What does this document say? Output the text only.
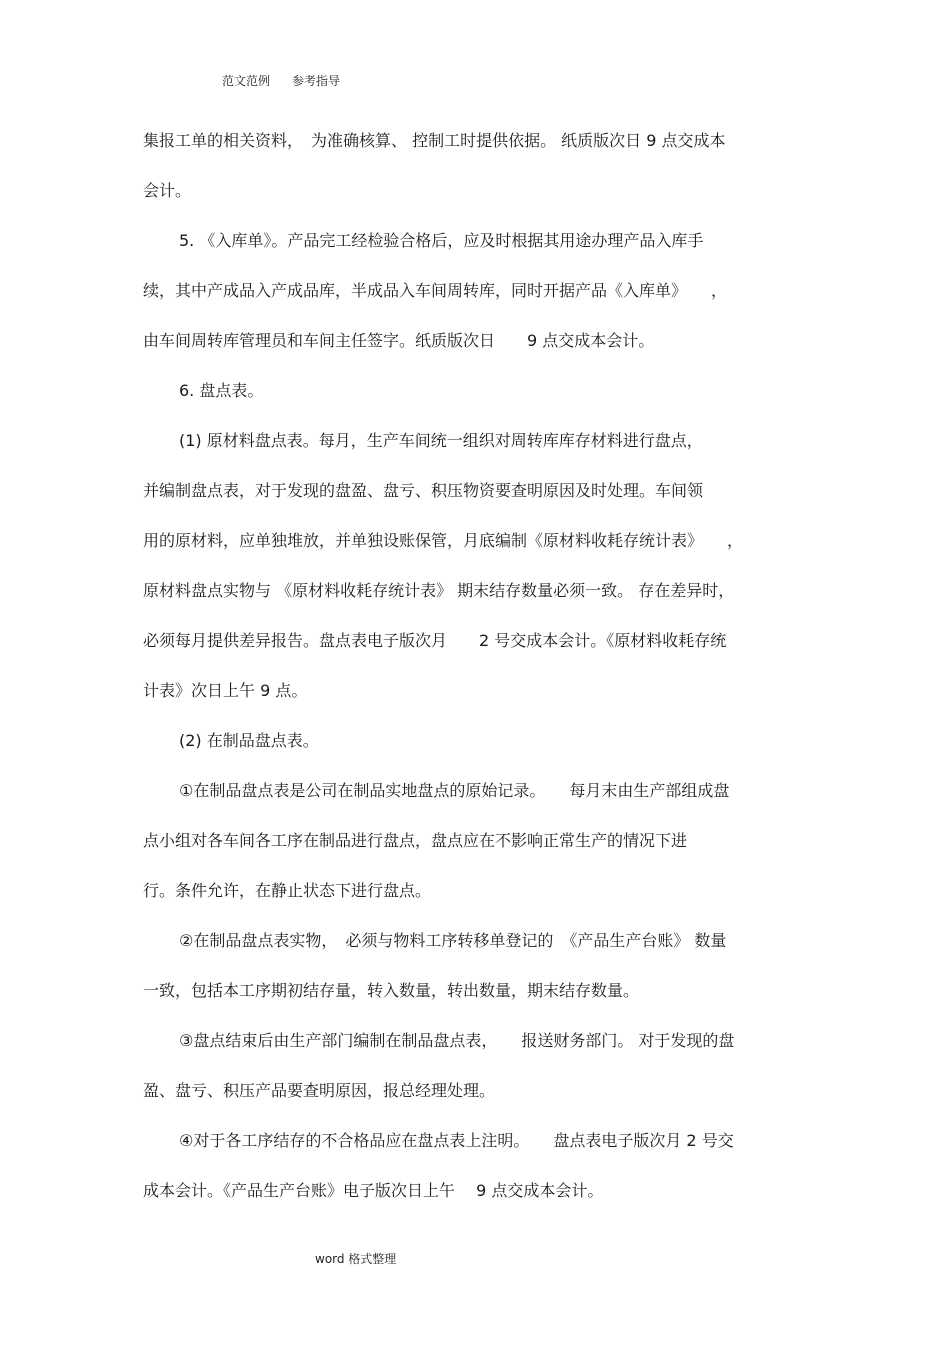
范文范例 参考指导
集报工单的相关资料，　为准确核算、 控制工时提供依据。 纸质版次日 9 点交成本
会计。
5. 《入库单》。产品完工经检验合格后，应及时根据其用途办理产品入库手
续，其中产成品入产成品库，半成品入车间周转库，同时开据产品《入库单》　　，
由车间周转库管理员和车间主任签字。纸质版次日　　9 点交成本会计。
6. 盘点表。
(1) 原材料盘点表。每月，生产车间统一组织对周转库库存材料进行盘点，
并编制盘点表，对于发现的盘盈、盘亏、积压物资要查明原因及时处理。车间领
用的原材料，应单独堆放，并单独设账保管，月底编制《原材料收耗存统计表》　　，
原材料盘点实物与 《原材料收耗存统计表》 期末结存数量必须一致。 存在差异时，
必须每月提供差异报告。盘点表电子版次月　　2 号交成本会计。《原材料收耗存统
计表》次日上午 9 点。
(2) 在制品盘点表。
①在制品盘点表是公司在制品实地盘点的原始记录。　　每月末由生产部组成盘
点小组对各车间各工序在制品进行盘点，盘点应在不影响正常生产的情况下进
行。条件允许，在静止状态下进行盘点。
②在制品盘点表实物，　必须与物料工序转移单登记的　《产品生产台账》 数量
一致，包括本工序期初结存量，转入数量，转出数量，期末结存数量。
③盘点结束后由生产部门编制在制品盘点表，　　报送财务部门。 对于发现的盘
盈、盘亏、积压产品要查明原因，报总经理处理。
④对于各工序结存的不合格品应在盘点表上注明。　　盘点表电子版次月 2 号交
成本会计。《产品生产台账》电子版次日上午　 9 点交成本会计。
word 格式整理
